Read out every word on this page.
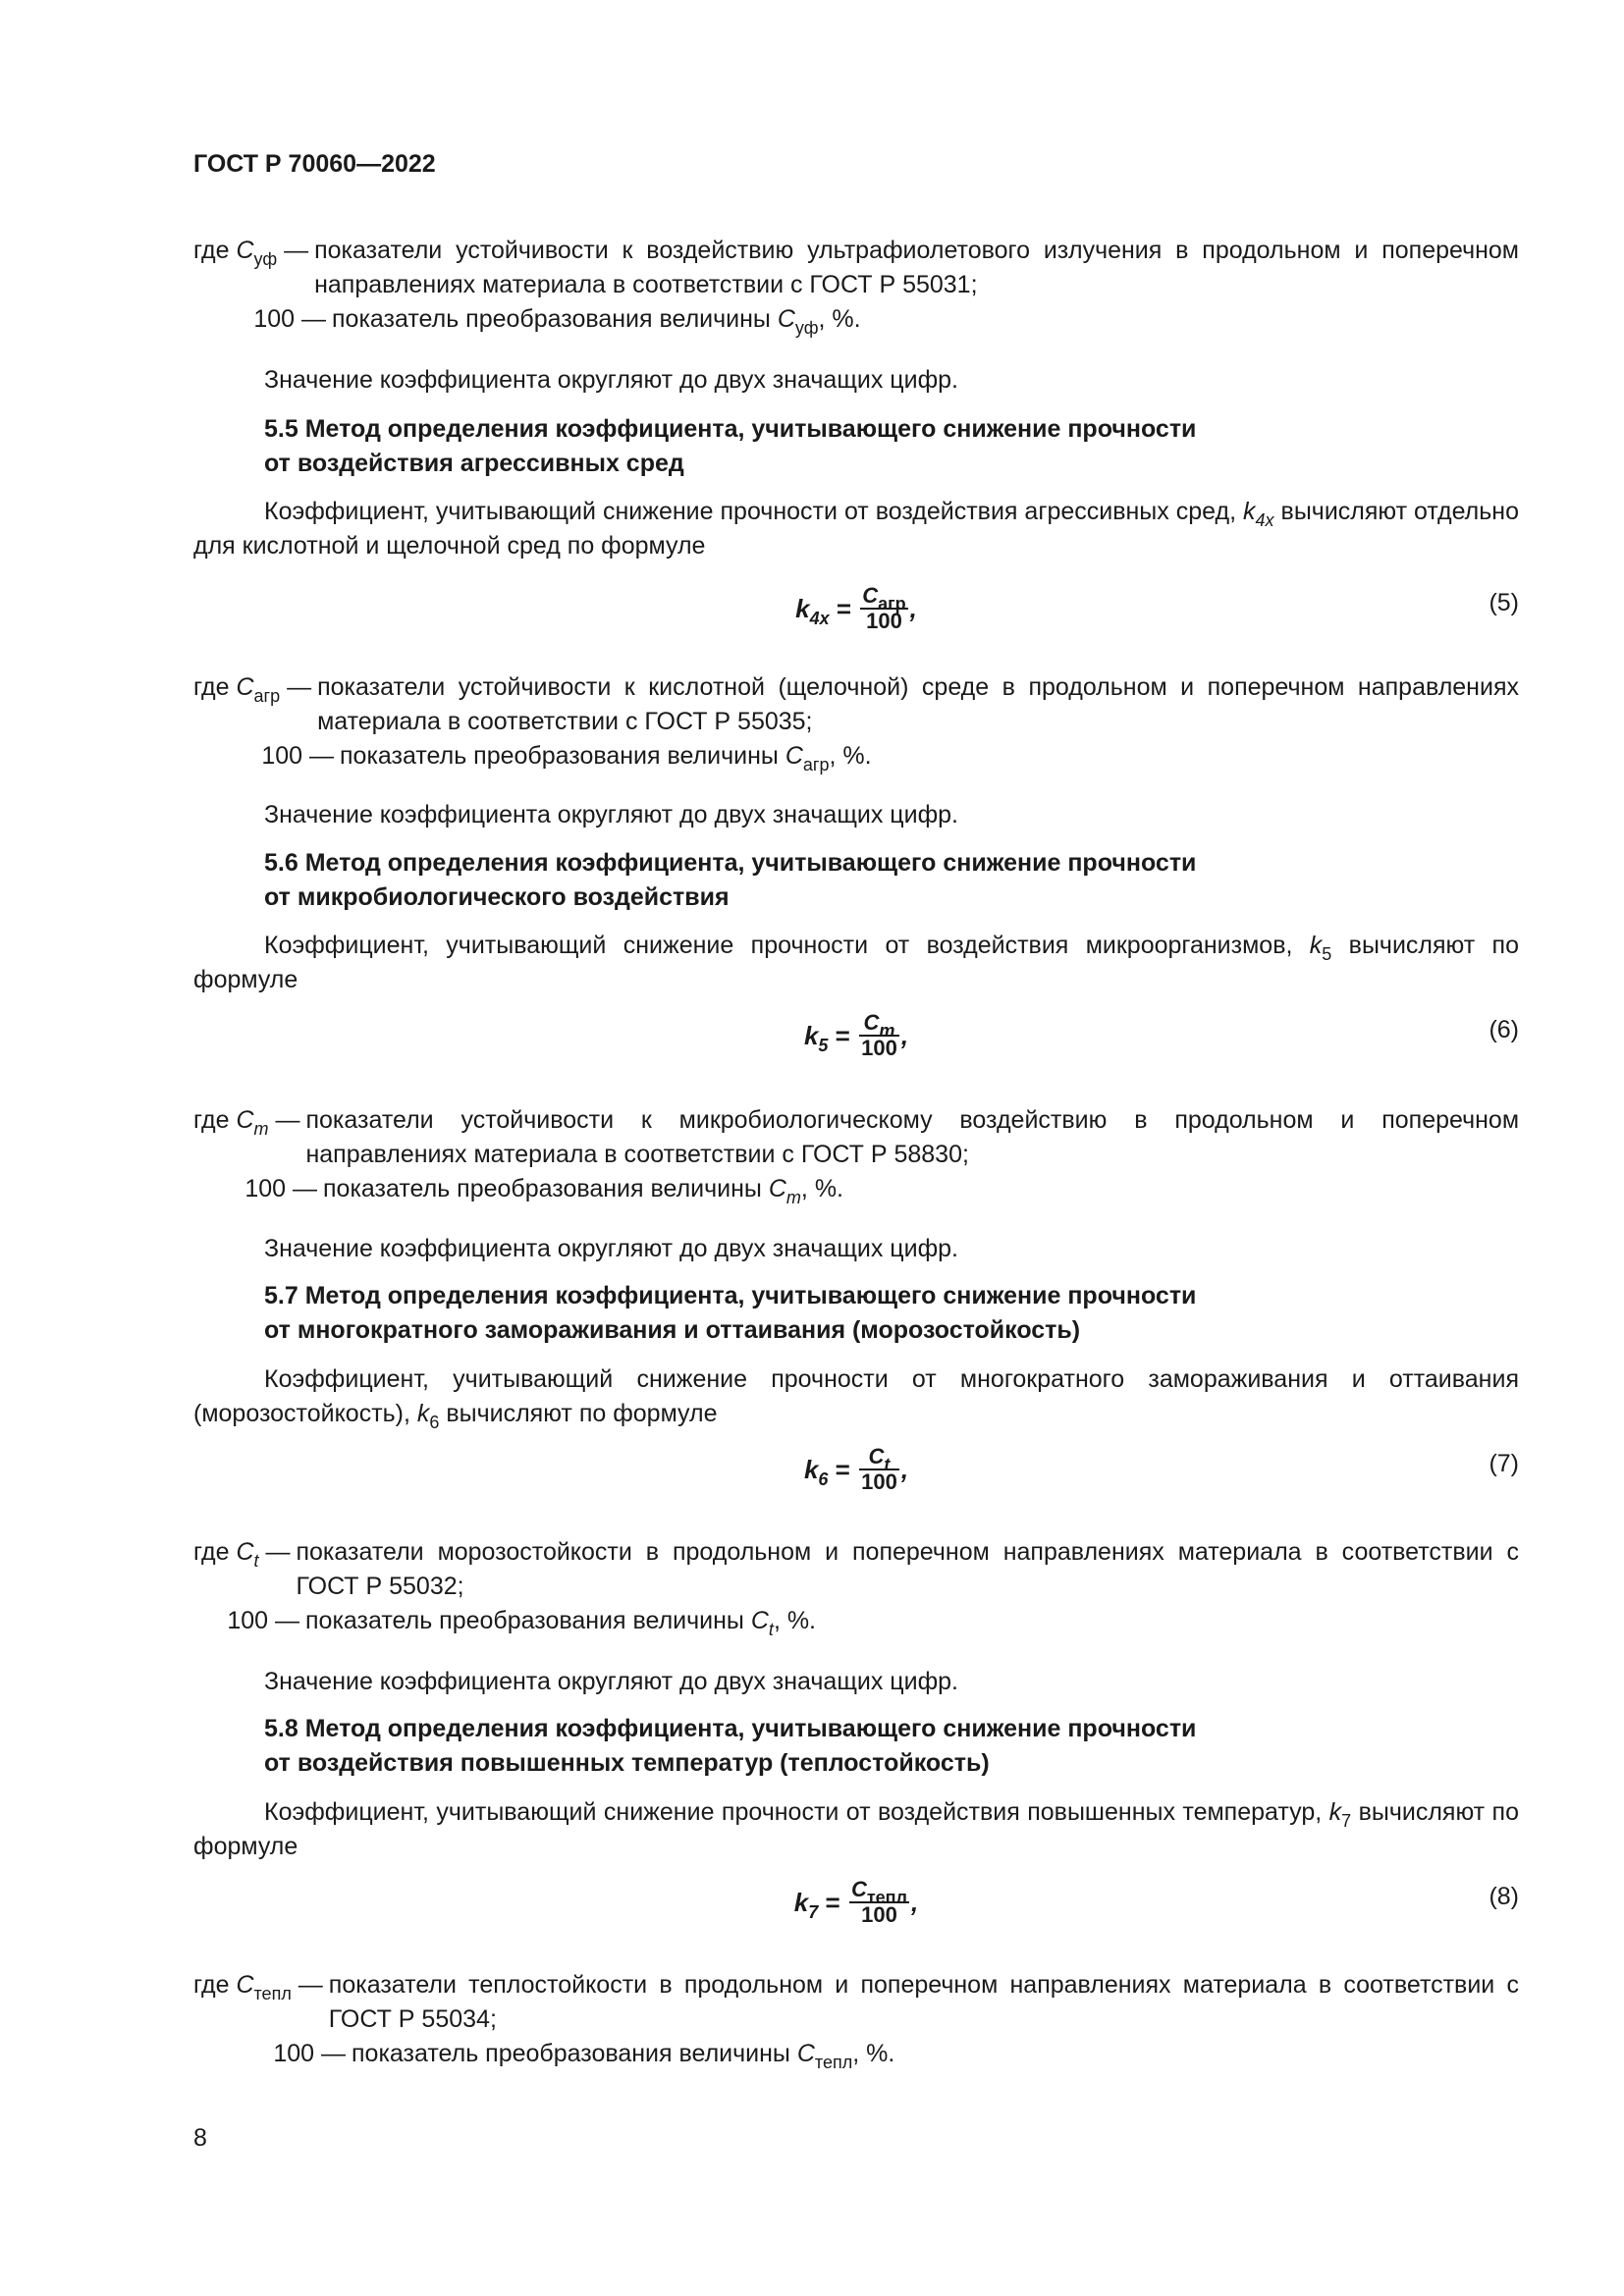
ГОСТ Р 70060—2022
где $C_{уф}$ — показатели устойчивости к воздействию ультрафиолетового излучения в продольном и поперечном направлениях материала в соответствии с ГОСТ Р 55031;
100 — показатель преобразования величины $C_{уф}$, %.
Значение коэффициента округляют до двух значащих цифр.
5.5 Метод определения коэффициента, учитывающего снижение прочности
от воздействия агрессивных сред
Коэффициент, учитывающий снижение прочности от воздействия агрессивных сред, $k_{4x}$ вычисляют отдельно для кислотной и щелочной сред по формуле
$k_{4x} = \frac{C_{агр}}{100}$ ,	(5)
где $C_{агр}$ — показатели устойчивости к кислотной (щелочной) среде в продольном и поперечном направлениях материала в соответствии с ГОСТ Р 55035;
100 — показатель преобразования величины $C_{агр}$, %.
Значение коэффициента округляют до двух значащих цифр.
5.6 Метод определения коэффициента, учитывающего снижение прочности
от микробиологического воздействия
Коэффициент, учитывающий снижение прочности от воздействия микроорганизмов, $k_5$ вычисляют по формуле
$k_5 = \frac{C_m}{100}$ ,	(6)
где $C_m$ — показатели устойчивости к микробиологическому воздействию в продольном и поперечном направлениях материала в соответствии с ГОСТ Р 58830;
100 — показатель преобразования величины $C_m$, %.
Значение коэффициента округляют до двух значащих цифр.
5.7 Метод определения коэффициента, учитывающего снижение прочности
от многократного замораживания и оттаивания (морозостойкость)
Коэффициент, учитывающий снижение прочности от многократного замораживания и оттаивания (морозостойкость), $k_6$ вычисляют по формуле
$k_6 = \frac{C_t}{100}$ ,	(7)
где $C_t$ — показатели морозостойкости в продольном и поперечном направлениях материала в соответствии с ГОСТ Р 55032;
100 — показатель преобразования величины $C_t$, %.
Значение коэффициента округляют до двух значащих цифр.
5.8 Метод определения коэффициента, учитывающего снижение прочности
от воздействия повышенных температур (теплостойкость)
Коэффициент, учитывающий снижение прочности от воздействия повышенных температур, $k_7$ вычисляют по формуле
$k_7 = \frac{C_{тепл}}{100}$ ,	(8)
где $C_{тепл}$ — показатели теплостойкости в продольном и поперечном направлениях материала в соответствии с ГОСТ Р 55034;
100 — показатель преобразования величины $C_{тепл}$, %.
8
